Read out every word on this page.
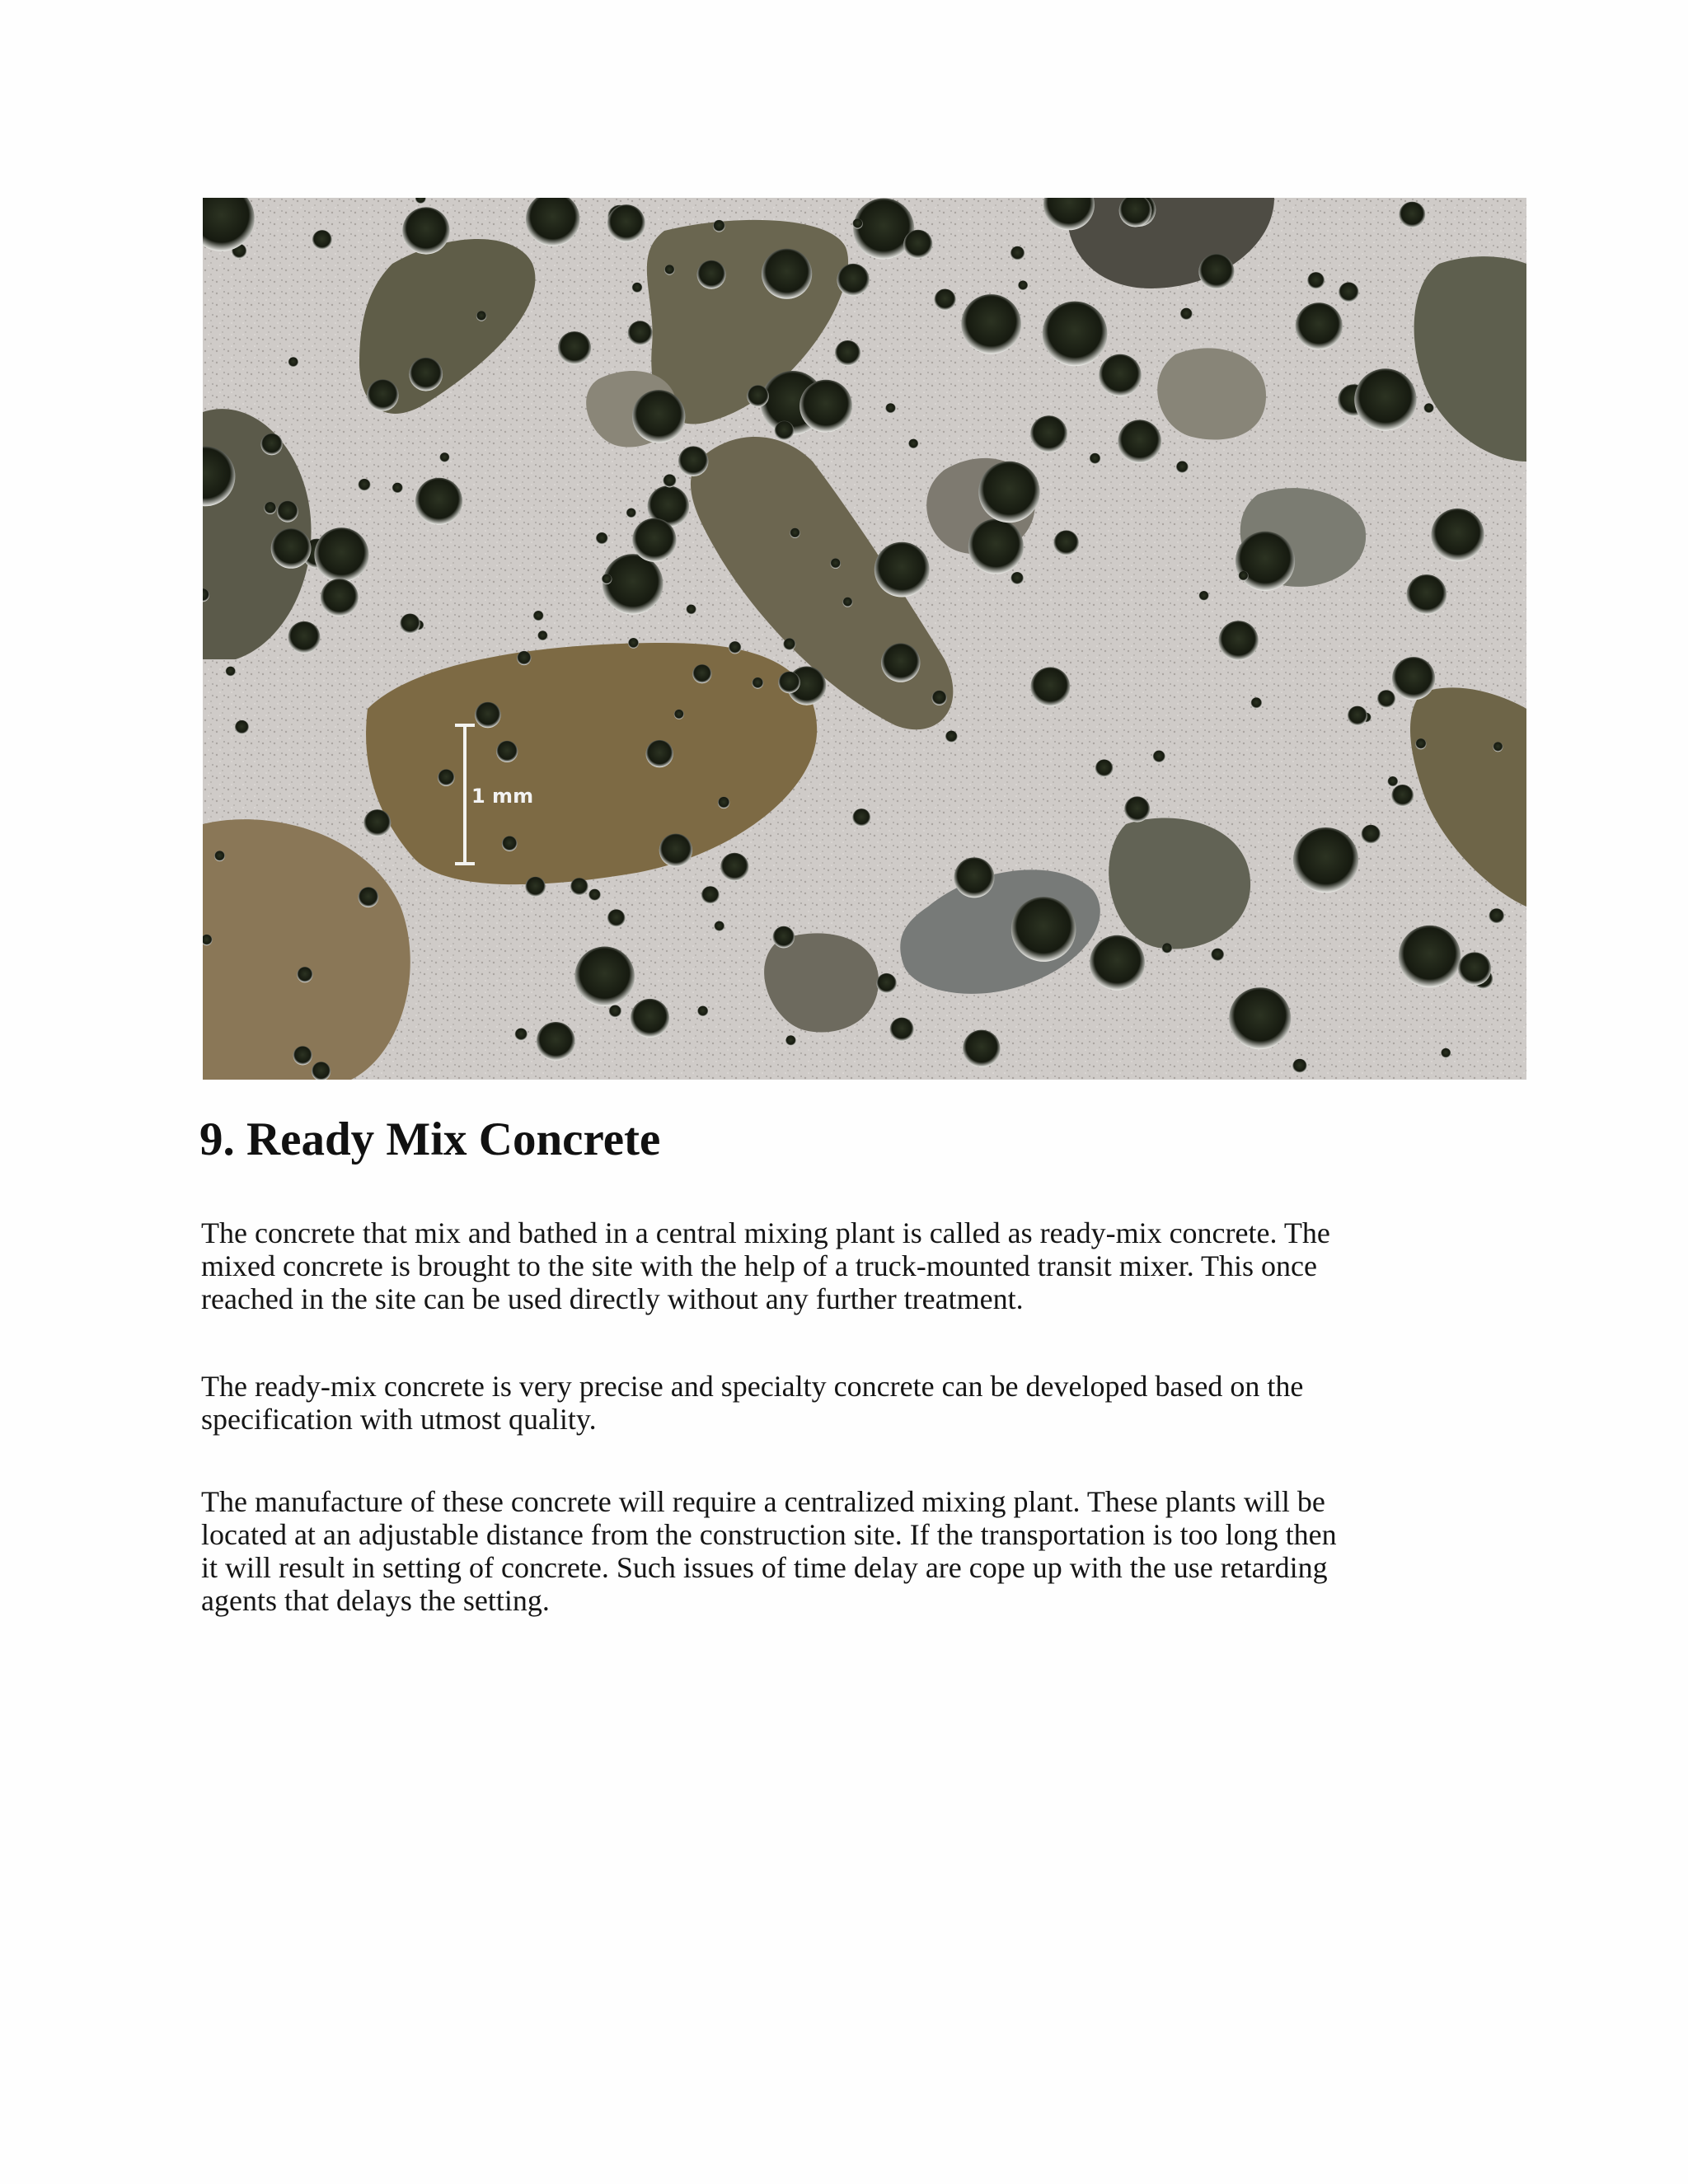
1 mm
9. Ready Mix Concrete

The concrete that mix and bathed in a central mixing plant is called as ready-mix concrete. The
mixed concrete is brought to the site with the help of a truck-mounted transit mixer. This once
reached in the site can be used directly without any further treatment.

The ready-mix concrete is very precise and specialty concrete can be developed based on the
specification with utmost quality.

The manufacture of these concrete will require a centralized mixing plant. These plants will be
located at an adjustable distance from the construction site. If the transportation is too long then
it will result in setting of concrete. Such issues of time delay are cope up with the use retarding
agents that delays the setting.
